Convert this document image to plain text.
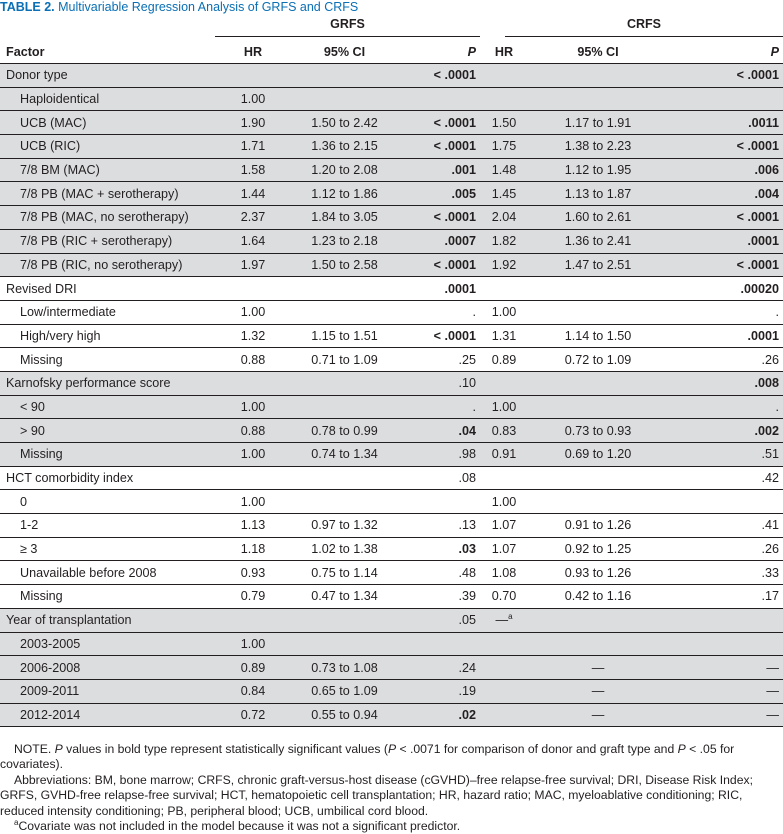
TABLE 2. Multivariable Regression Analysis of GRFS and CRFS
GRFS	CRFS
Factor	HR	95% CI	P	HR	95% CI	P
Donor type			< .0001			< .0001
Haploidentical	1.00					
UCB (MAC)	1.90	1.50 to 2.42	< .0001	1.50	1.17 to 1.91	.0011
UCB (RIC)	1.71	1.36 to 2.15	< .0001	1.75	1.38 to 2.23	< .0001
7/8 BM (MAC)	1.58	1.20 to 2.08	.001	1.48	1.12 to 1.95	.006
7/8 PB (MAC + serotherapy)	1.44	1.12 to 1.86	.005	1.45	1.13 to 1.87	.004
7/8 PB (MAC, no serotherapy)	2.37	1.84 to 3.05	< .0001	2.04	1.60 to 2.61	< .0001
7/8 PB (RIC + serotherapy)	1.64	1.23 to 2.18	.0007	1.82	1.36 to 2.41	.0001
7/8 PB (RIC, no serotherapy)	1.97	1.50 to 2.58	< .0001	1.92	1.47 to 2.51	< .0001
Revised DRI			.0001			.00020
Low/intermediate	1.00		.	1.00		.
High/very high	1.32	1.15 to 1.51	< .0001	1.31	1.14 to 1.50	.0001
Missing	0.88	0.71 to 1.09	.25	0.89	0.72 to 1.09	.26
Karnofsky performance score			.10			.008
< 90	1.00		.	1.00		.
> 90	0.88	0.78 to 0.99	.04	0.83	0.73 to 0.93	.002
Missing	1.00	0.74 to 1.34	.98	0.91	0.69 to 1.20	.51
HCT comorbidity index			.08			.42
0	1.00			1.00		
1-2	1.13	0.97 to 1.32	.13	1.07	0.91 to 1.26	.41
≥ 3	1.18	1.02 to 1.38	.03	1.07	0.92 to 1.25	.26
Unavailable before 2008	0.93	0.75 to 1.14	.48	1.08	0.93 to 1.26	.33
Missing	0.79	0.47 to 1.34	.39	0.70	0.42 to 1.16	.17
Year of transplantation			.05	—$^a$		
2003-2005	1.00					
2006-2008	0.89	0.73 to 1.08	.24		—	—
2009-2011	0.84	0.65 to 1.09	.19		—	—
2012-2014	0.72	0.55 to 0.94	.02		—	—

NOTE. P values in bold type represent statistically significant values (P < .0071 for comparison of donor and graft type and P < .05 for covariates).

Abbreviations: BM, bone marrow; CRFS, chronic graft-versus-host disease (cGVHD)–free relapse-free survival; DRI, Disease Risk Index; GRFS, GVHD-free relapse-free survival; HCT, hematopoietic cell transplantation; HR, hazard ratio; MAC, myeloablative conditioning; RIC, reduced intensity conditioning; PB, peripheral blood; UCB, umbilical cord blood.

$^a$Covariate was not included in the model because it was not a significant predictor.
